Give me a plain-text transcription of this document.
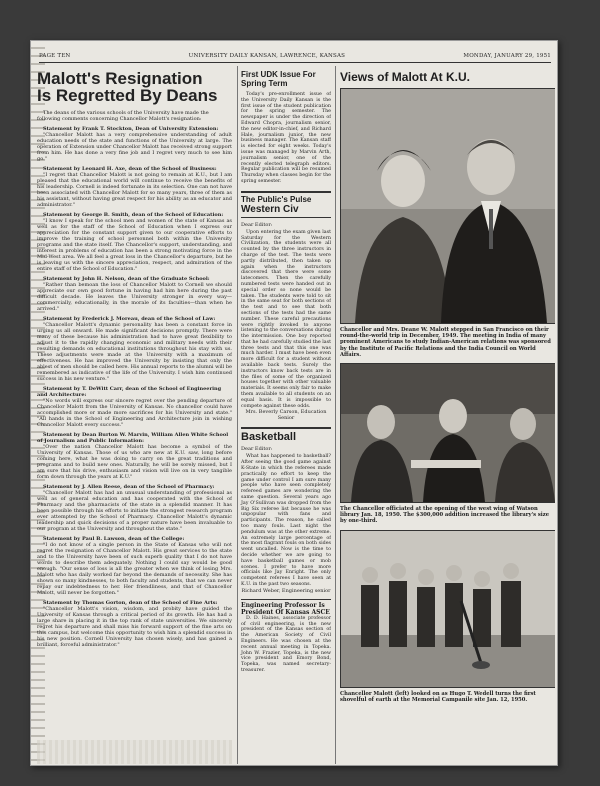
PAGE TEN	UNIVERSITY DAILY KANSAN, LAWRENCE, KANSAS	MONDAY, JANUARY 29, 1951
Malott's Resignation
Is Regretted By Deans

The deans of the various schools of the University have made the following comments concerning Chancellor Malott's resignation:

Statement by Frank T. Stockton, Dean of University Extension:

"Chancellor Malott has a very comprehensive understanding of adult education needs of the state and functions of the University at large. The operation of Extension under Chancellor Malott has received strong support from him. He has done a very fine job and I regret very much to see him go."

Statement by Leonard H. Axe, dean of the School of Business:

"I regret that Chancellor Malott is not going to remain at K.U., but I am pleased that the educational world will continue to receive the benefits of his leadership. Cornell is indeed fortunate in its selection. One can not have been associated with Chancellor Malott for so many years, three of them as his assistant, without having great respect for his ability as an educator and administrator."

Statement by George B. Smith, dean of the School of Education:

"I know I speak for the school men and women of the state of Kansas as well as for the staff of the School of Education when I express our appreciation for the constant support given to our cooperative efforts to improve the training of school personnel both within the University programs and the state itself. The Chancellor's support, understanding, and interest in problems of education has been a strong motivating force in the Mid-West area. We all feel a great loss in the Chancellor's departure, but he is leaving us with the sincere appreciation, respect, and admiration of the entire staff of the School of Education."

Statement by John H. Nelson, dean of the Graduate School:

"Rather than bemoan the loss of Chancellor Malott to Cornell we should appreciate our own good fortune in having had him here during the past difficult decade. He leaves the University stronger in every way—commercially, educationally, in the morale of its faculties—than when he arrived."

Statement by Frederick J. Moreau, dean of the School of Law:

"Chancellor Malott's dynamic personality has been a constant force in urging us all onward. He made significant decisions promptly. There were many of these because his administration had to have great flexibility to adjust it to the rapidly changing economic and military needs with their resulting demands on educational institutions throughout his stay with us. These adjustments were made at the University with a maximum of effectiveness. He has improved the University by insisting that only the ablest of men should be called here. His annual reports to the alumni will be remembered as indicative of the life of the University. I wish him continued success in his new venture."

Statement by T. DeWitt Carr, dean of the School of Engineering and Architecture:

"No words will express our sincere regret over the pending departure of Chancellor Malott from the University of Kansas. No chancellor could have accomplished more or made more sacrifices for his University and state." "All hands in the School of Engineering and Architecture join in wishing Chancellor Malott every success."

Statement by Dean Burton W. Marvin, William Allen White School of Journalism and Public Information:

"Over the nation Chancellor Malott has become a symbol of the University of Kansas. Those of us who are new at K.U. saw, long before coming here, what he was doing to carry on the great traditions and programs and to build new ones. Naturally, he will be sorely missed, but I am sure that his drive, enthusiasm and vision will live on in very tangible form down through the years at K.U."

Statement by J. Allen Reese, dean of the School of Pharmacy:

"Chancellor Malott has had an unusual understanding of professional as well as of general education and has cooperated with the School of Pharmacy and the pharmacists of the state in a splendid manner. It has been possible through his efforts to initiate the strongest research program ever attempted by the School of Pharmacy. Chancellor Malott's dynamic leadership and quick decisions of a proper nature have been invaluable to our program at the University and throughout the state."

Statement by Paul B. Lawson, dean of the College:

"I do not know of a single person in the State of Kansas who will not regret the resignation of Chancellor Malott. His great services to the state and to the University have been of such superb quality that I do not have words to describe them adequately. Nothing I could say would be good enough. "Our sense of loss is all the greater when we think of losing Mrs. Malott who has daily worked far beyond the demands of necessity. She has shown so many kindnesses, to both faculty and students, that we can never repay our indebtedness to her. Her friendliness, and that of Chancellor Malott, will never be forgotten."

Statement by Thomas Gorton, dean of the School of Fine Arts:

"Chancellor Malott's vision, wisdom, and probity have guided the University of Kansas through a critical period of its growth. He has had a large share in placing it in the top rank of state universities. We sincerely regret his departure and shall miss his forward support of the fine arts on this campus, but welcome this opportunity to wish him a splendid success in his new position. Cornell University has chosen wisely, and has gained a brilliant, forceful administrator."

First UDK Issue For Spring Term

Today's pre-enrollment issue of the University Daily Kansan is the first issue of the student publication for the spring semester. The newspaper is under the direction of Edward Chopra, journalism senior, the new editor-in-chief, and Richard Hale, journalism junior, the new business manager. The Kansan staff is elected for eight weeks. Today's issue was managed by Marvin Arth, journalism senior, one of the recently elected telegraph editors. Regular publication will be resumed Thursday when classes begin for the spring semester.

The Public's Pulse
Western Civ

Dear Editor:

Upon entering the exam given last Saturday for the Western Civilization, the students were all counted by the three instructors in charge of the test. The tests were partly distributed, then taken up again when the instructors discovered that there were some latecomers. Then the carefully numbered tests were handed out in special order so none would be taken. The students were told to sit in the same seat for both sections of the test and to see that both sections of the tests had the same number. These careful precautions were rightly invoked to anyone listening to the conversations during the intermission. One boy reported that he had carefully studied the last three tests and that this one was much harder. I must have been even more difficult for a student without available back tests. Surely the instructors know back tests are in the files of some of the organized houses together with other valuable materials. It seems only fair to make them available to all students on an equal basis. It is impossible to compete against these odds.

Mrs. Beverly Carson, Education Senior

Basketball

Dear Editor:

What has happened to basketball? After seeing the good game against K-State in which the referees made practically no effort to keep the game under control I am sure many people who have seen completely refereed games are wondering the same question. Several years ago Jay O'Sullivan was dropped from the Big Six referee list because he was unpopular with fans and participants. The reason, he called too many fouls. Last night the pendulum was at the other extreme. An extremely large percentage of the most flagrant fouls on both sides went uncalled. Now is the time to decide whether we are going to have basketball games or mob scenes. I prefer to have more officials like Jay Enright. The only competent referees I have seen at K.U. in the past two seasons.

Richard Weber, Engineering senior

Engineering Professor Is President Of Kansas ASCE

D. D. Haines, associate professor of civil engineering, is the new president of the Kansas section of the American Society of Civil Engineers. He was chosen at the recent annual meeting in Topeka. John W. Frazier, Topeka, is the new vice president and Emory Bond, Topeka, was named secretary-treasurer.

Views of Malott At K.U.

Chancellor and Mrs. Deane W. Malott stepped in San Francisco on their round-the-world trip in December, 1949. The meeting in India of many prominent Americans to study Indian-American relations was sponsored by the Institute of Pacific Relations and the India Council on World Affairs.

The Chancellor officiated at the opening of the west wing of Watson library Jan. 18, 1950. The $300,000 addition increased the library's size by one-third.

Chancellor Malott (left) looked on as Hugo T. Wedell turns the first shovelful of earth at the Memorial Campanile site Jan. 12, 1950.
